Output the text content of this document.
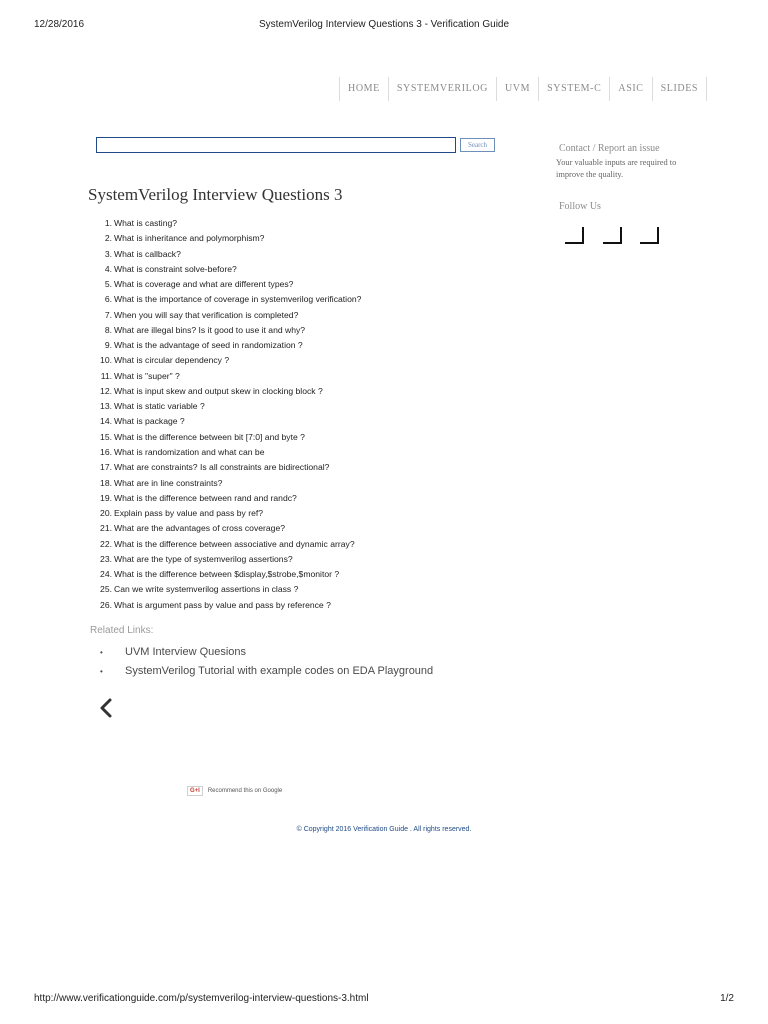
12/28/2016	SystemVerilog Interview Questions 3 - Verification Guide
HOME	SYSTEMVERILOG	UVM	SYSTEM-C	ASIC	SLIDES
Search
SystemVerilog Interview Questions 3
1. What is casting?
2. What is inheritance and polymorphism?
3. What is callback?
4. What is constraint solve-before?
5. What is coverage and what are different types?
6. What is the importance of coverage in systemverilog verification?
7. When you will say that verification is completed?
8. What are illegal bins? Is it good to use it and why?
9. What is the advantage of seed in randomization ?
10. What is circular dependency ?
11. What is "super" ?
12. What is input skew and output skew in clocking block ?
13. What is static variable ?
14. What is package ?
15. What is the difference between bit [7:0] and byte ?
16. What is randomization and what can be
17. What are constraints? Is all constraints are bidirectional?
18. What are in line constraints?
19. What is the difference between rand and randc?
20. Explain pass by value and pass by ref?
21. What are the advantages of cross coverage?
22. What is the difference between associative and dynamic array?
23. What are the type of systemverilog assertions?
24. What is the difference between $display,$strobe,$monitor ?
25. Can we write systemverilog assertions in class ?
26. What is argument pass by value and pass by reference ?
Related Links:
• UVM Interview Quesions
• SystemVerilog Tutorial with example codes on EDA Playground
G+l	Recommend this on Google
© Copyright 2016 Verification Guide . All rights reserved.
Contact / Report an issue
Your valuable inputs are required to improve the quality.
Follow Us
http://www.verificationguide.com/p/systemverilog-interview-questions-3.html	1/2
